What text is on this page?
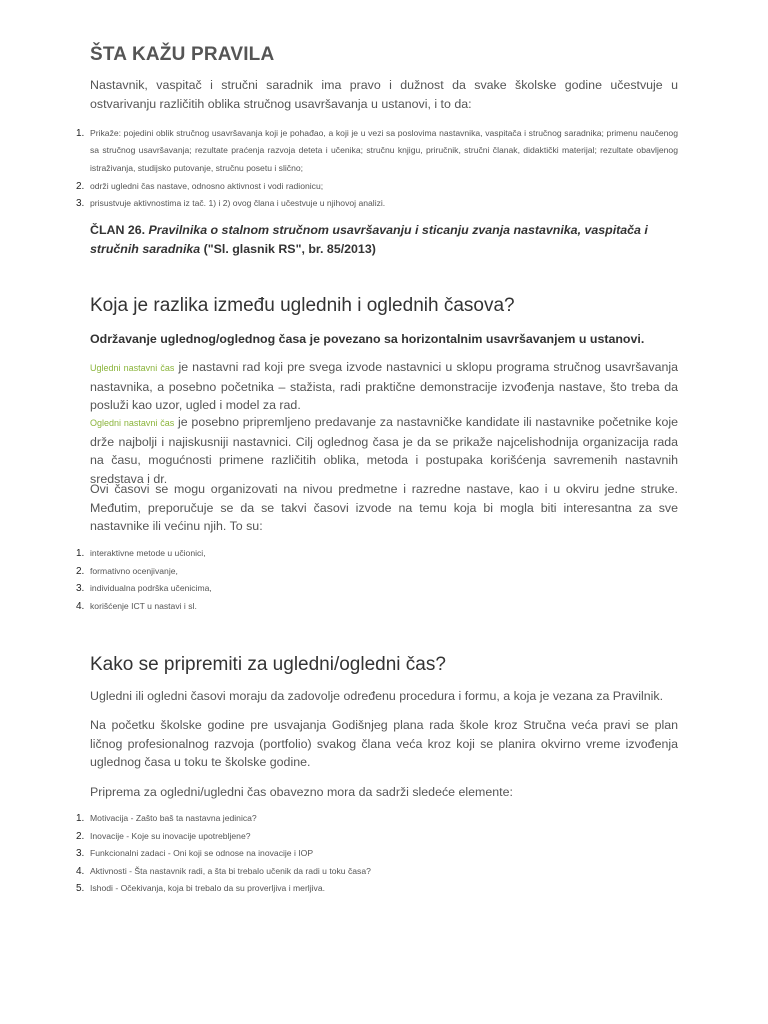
ŠTA KAŽU PRAVILA

Nastavnik, vaspitač i stručni saradnik ima pravo i dužnost da svake školske godine učestvuje u ostvarivanju različitih oblika stručnog usavršavanja u ustanovi, i to da:

1. Prikaže: pojedini oblik stručnog usavršavanja koji je pohađao, a koji je u vezi sa poslovima nastavnika, vaspitača i stručnog saradnika; primenu naučenog sa stručnog usavršavanja; rezultate praćenja razvoja deteta i učenika; stručnu knjigu, priručnik, stručni članak, didaktički materijal; rezultate obavljenog istraživanja, studijsko putovanje, stručnu posetu i slično;
2. održi ugledni čas nastave, odnosno aktivnost i vodi radionicu;
3. prisustvuje aktivnostima iz tač. 1) i 2) ovog člana i učestvuje u njihovoj analizi.

ČLAN 26. Pravilnika o stalnom stručnom usavršavanju i sticanju zvanja nastavnika, vaspitača i stručnih saradnika ("Sl. glasnik RS", br. 85/2013)

Koja je razlika između uglednih i oglednih časova?

Održavanje uglednog/oglednog časa je povezano sa horizontalnim usavršavanjem u ustanovi.

Ugledni nastavni čas je nastavni rad koji pre svega izvode nastavnici u sklopu programa stručnog usavršavanja nastavnika, a posebno početnika – stažista, radi praktične demonstracije izvođenja nastave, što treba da posluži kao uzor, ugled i model za rad.

Ogledni nastavni čas je posebno pripremljeno predavanje za nastavničke kandidate ili nastavnike početnike koje drže najbolji i najiskusniji nastavnici. Cilj oglednog časa je da se prikaže najcelishodnija organizacija rada na času, mogućnosti primene različitih oblika, metoda i postupaka korišćenja savremenih nastavnih sredstava i dr.

Ovi časovi se mogu organizovati na nivou predmetne i razredne nastave, kao i u okviru jedne struke. Međutim, preporučuje se da se takvi časovi izvode na temu koja bi mogla biti interesantna za sve nastavnike ili većinu njih. To su:

1. interaktivne metode u učionici,
2. formativno ocenjivanje,
3. individualna podrška učenicima,
4. korišćenje ICT u nastavi i sl.
Kako se pripremiti za ugledni/ogledni čas?

Ugledni ili ogledni časovi moraju da zadovolje određenu procedura i formu, a koja je vezana za Pravilnik.

Na početku školske godine pre usvajanja Godišnjeg plana rada škole kroz Stručna veća pravi se plan ličnog profesionalnog razvoja (portfolio) svakog člana veća kroz koji se planira okvirno vreme izvođenja uglednog časa u toku te školske godine.

Priprema za ogledni/ugledni čas obavezno mora da sadrži sledeće elemente:

1. Motivacija - Zašto baš ta nastavna jedinica?
2. Inovacije - Koje su inovacije upotrebljene?
3. Funkcionalni zadaci - Oni koji se odnose na inovacije i IOP
4. Aktivnosti - Šta nastavnik radi, a šta bi trebalo učenik da radi u toku časa?
5. Ishodi - Očekivanja, koja bi trebalo da su proverljiva i merljiva.
